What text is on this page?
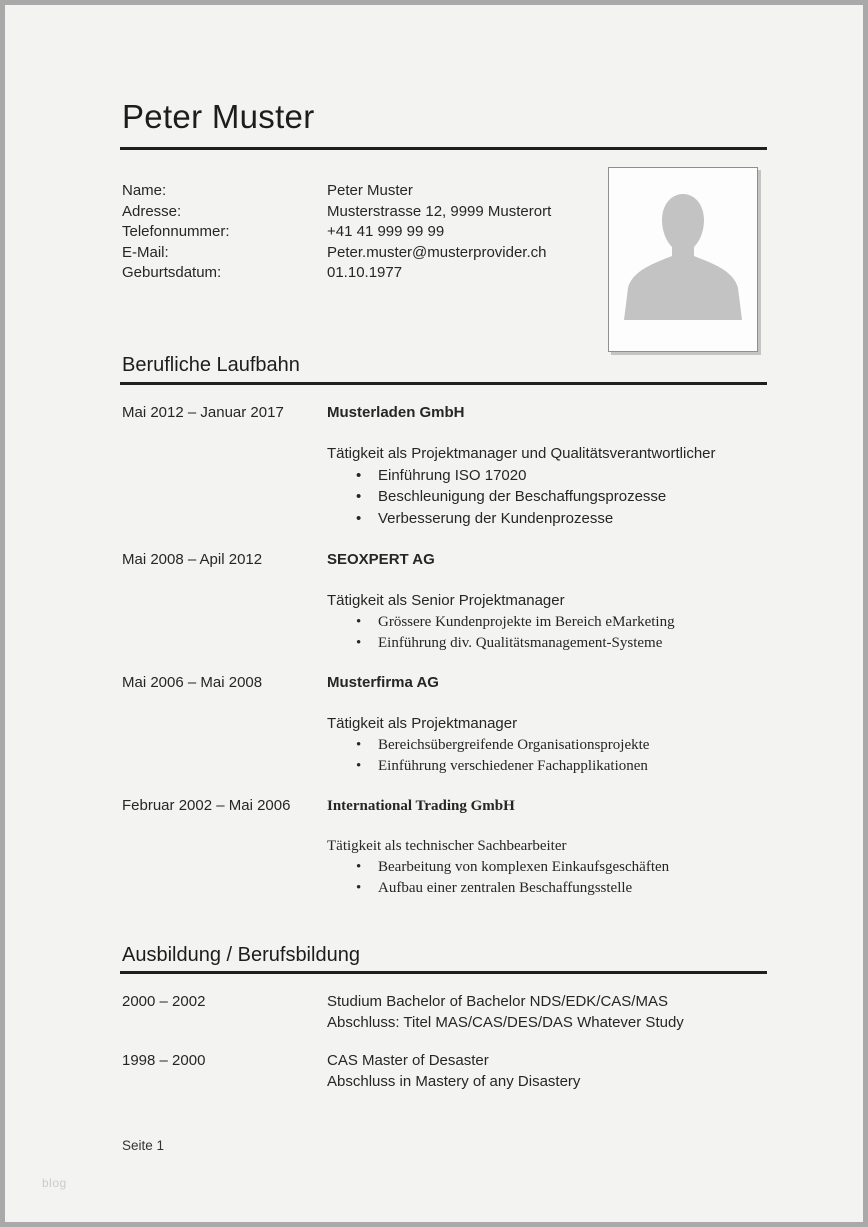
Peter Muster
Name:	Peter Muster
Adresse:	Musterstrasse 12, 9999 Musterort
Telefonnummer:	+41 41 999 99 99
E-Mail:	Peter.muster@musterprovider.ch
Geburtsdatum:	01.10.1977
Berufliche Laufbahn
Mai 2012 – Januar 2017	Musterladen GmbH
Tätigkeit als Projektmanager und Qualitätsverantwortlicher
• Einführung ISO 17020
• Beschleunigung der Beschaffungsprozesse
• Verbesserung der Kundenprozesse
Mai 2008 – Apil 2012	SEOXPERT AG
Tätigkeit als Senior Projektmanager
• Grössere Kundenprojekte im Bereich eMarketing
• Einführung div. Qualitätsmanagement-Systeme
Mai 2006 – Mai 2008	Musterfirma AG
Tätigkeit als Projektmanager
• Bereichsübergreifende Organisationsprojekte
• Einführung verschiedener Fachapplikationen
Februar 2002 – Mai 2006	International Trading GmbH
Tätigkeit als technischer Sachbearbeiter
• Bearbeitung von komplexen Einkaufsgeschäften
• Aufbau einer zentralen Beschaffungsstelle
Ausbildung / Berufsbildung
2000 – 2002	Studium Bachelor of Bachelor NDS/EDK/CAS/MAS
Abschluss: Titel MAS/CAS/DES/DAS Whatever Study
1998 – 2000	CAS Master of Desaster
Abschluss in Mastery of any Disastery
Seite 1
blog
